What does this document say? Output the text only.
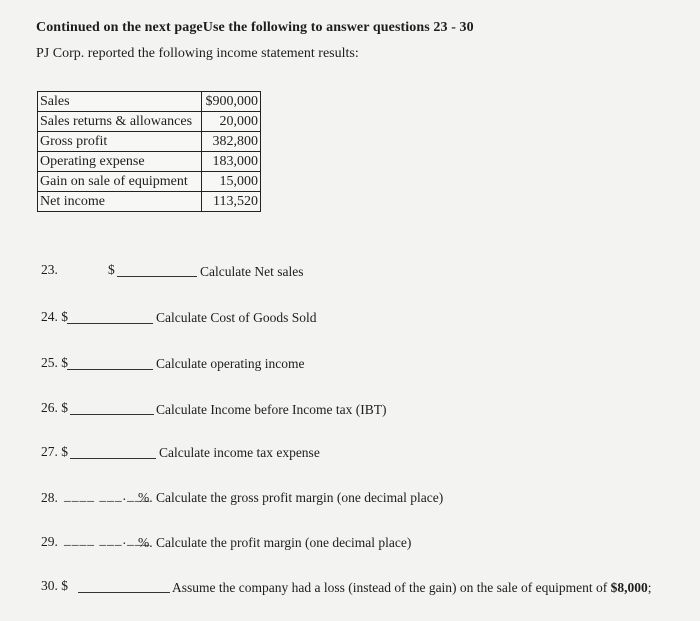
Continued on the next pageUse the following to answer questions 23 - 30
PJ Corp. reported the following income statement results:
Sales	$900,000
Sales returns & allowances	20,000
Gross profit	382,800
Operating expense	183,000
Gain on sale of equipment	15,000
Net income	113,520
23.	$	Calculate Net sales
24. $	Calculate Cost of Goods Sold
25. $	Calculate operating income
26. $	Calculate Income before Income tax (IBT)
27. $	Calculate income tax expense
28. ____ ___.___
%. Calculate the gross profit margin (one decimal place)
29. ____ ___.___
%. Calculate the profit margin (one decimal place)
30. $	Assume the company had a loss (instead of the gain) on the sale of equipment of $8,000;
